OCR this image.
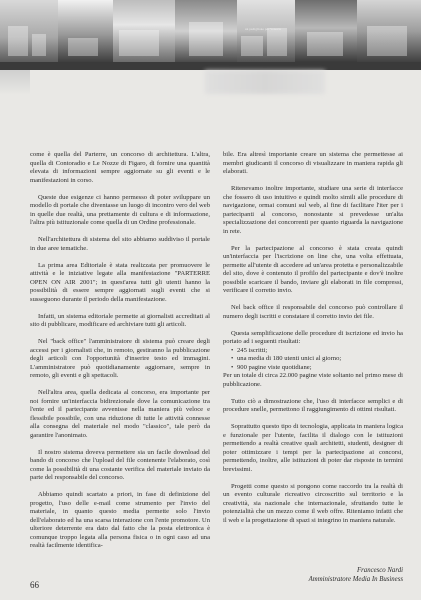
un padiglione per Venezia

come è quella del Parterre, un concorso di architettura. L'altra, quella di Contoradio e Le Nozze di Figaro, di fornire una quantità elevata di informazioni sempre aggiornate su gli eventi e le manifestazioni in corso.

Queste due esigenze ci hanno permesso di poter sviluppare un modello di portale che diventasse un luogo di incontro vero del web in quelle due realtà, una prettamente di cultura e di informazione, l'altra più istituzionale come quella di un Ordine professionale.

Nell'architettura di sistema del sito abbiamo suddiviso il portale in due aree tematiche.

La prima area Editoriale è stata realizzata per promuovere le attività e le iniziative legate alla manifestazione "PARTERRE OPEN ON AIR 2001"; in quest'area tutti gli utenti hanno la possibilità di essere sempre aggiornati sugli eventi che si susseguono durante il periodo della manifestazione.

Infatti, un sistema editoriale permette ai giornalisti accreditati al sito di pubblicare, modificare ed archiviare tutti gli articoli.

Nel "back office" l'amministratore di sistema può creare degli accessi per i giornalisti che, in remoto, gestiranno la pubblicazione degli articoli con l'opportunità d'inserire testo ed immagini. L'amministratore può quotidianamente aggiornare, sempre in remoto, gli eventi e gli spettacoli.

Nell'altra area, quella dedicata al concorso, era importante per noi fornire un'interfaccia bidirezionale dove la comunicazione tra l'ente ed il partecipante avvenisse nella maniera più veloce e flessibile possibile, con una riduzione di tutte le attività connesse alla consegna del materiale nel modo "classico", tale però da garantire l'anonimato.

Il nostro sistema doveva permettere sia un facile download del bando di concorso che l'upload del file contenente l'elaborato, così come la possibilità di una costante verifica del materiale inviato da parte del responsabile del concorso.

Abbiamo quindi scartato a priori, in fase di definizione del progetto, l'uso delle e-mail come strumento per l'invio del materiale, in quanto questo media permette solo l'invio dell'elaborato ed ha una scarsa interazione con l'ente promotore. Un ulteriore deterrente era dato dal fatto che la posta elettronica è comunque troppo legata alla persona fisica o in ogni caso ad una realtà facilmente identifica-

bile. Era altresì importante creare un sistema che permettesse ai membri giudicanti il concorso di visualizzare in maniera rapida gli elaborati.

Ritenevamo inoltre importante, studiare una serie di interfacce che fossero di uso intuitivo e quindi molto simili alle procedure di navigazione, ormai comuni sul web, al fine di facilitare l'iter per i partecipanti al concorso, nonostante si prevedesse un'alta specializzazione dei concorrenti per quanto riguarda la navigazione in rete.

Per la partecipazione al concorso è stata creata quindi un'interfaccia per l'iscrizione on line che, una volta effettuata, permette all'utente di accedere ad un'area protetta e personalizzabile del sito, dove è contenuto il profilo del partecipante e dov'è inoltre possibile scaricare il bando, inviare gli elaborati in file compressi, verificare il corretto invio.

Nel back office il responsabile del concorso può controllare il numero degli iscritti e constatare il corretto invio dei file.

Questa semplificazione delle procedure di iscrizione ed invio ha portato ad i seguenti risultati:

• 245 iscritti;
• una media di 180 utenti unici al giorno;
• 900 pagine viste quotidiane;

Per un totale di circa 22.000 pagine viste soltanto nel primo mese di pubblicazione.

Tutto ciò a dimostrazione che, l'uso di interfacce semplici e di procedure snelle, permettono il raggiungimento di ottimi risultati.

Soprattutto questo tipo di tecnologia, applicata in maniera logica e funzionale per l'utente, facilita il dialogo con le istituzioni permettendo a realtà creative quali architetti, studenti, designer di poter ottimizzare i tempi per la partecipazione ai concorsi, permettendo, inoltre, alle istituzioni di poter dar risposte in termini brevissimi.

Progetti come questo si pongono come raccordo tra la realtà di un evento culturale ricreativo circoscritto sul territorio e la creatività, sia nazionale che internazionale, sfruttando tutte le potenzialità che un mezzo come il web offre. Riteniamo infatti che il web e la progettazione di spazi si integrino in maniera naturale.

Francesco Nardi
Amministratore Media In Business
66
